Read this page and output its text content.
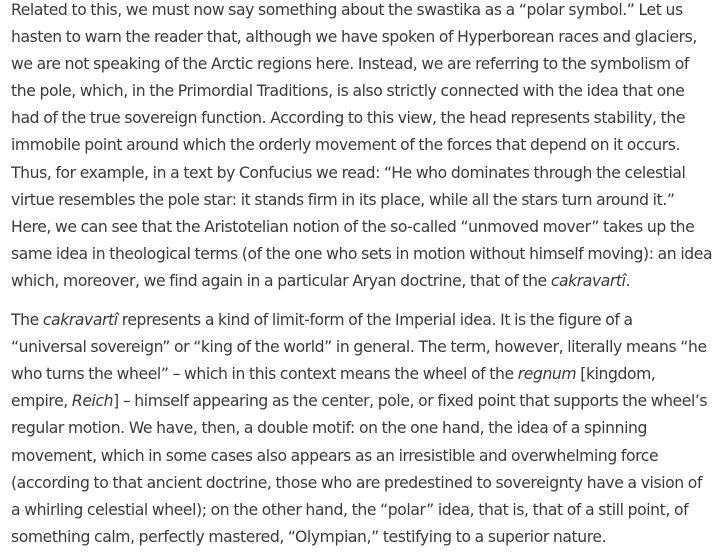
Related to this, we must now say something about the swastika as a “polar symbol.” Let us
hasten to warn the reader that, although we have spoken of Hyperborean races and glaciers,
we are not speaking of the Arctic regions here. Instead, we are referring to the symbolism of
the pole, which, in the Primordial Traditions, is also strictly connected with the idea that one
had of the true sovereign function. According to this view, the head represents stability, the
immobile point around which the orderly movement of the forces that depend on it occurs.
Thus, for example, in a text by Confucius we read: “He who dominates through the celestial
virtue resembles the pole star: it stands firm in its place, while all the stars turn around it.”
Here, we can see that the Aristotelian notion of the so-called “unmoved mover” takes up the
same idea in theological terms (of the one who sets in motion without himself moving): an idea
which, moreover, we find again in a particular Aryan doctrine, that of the cakravartî.
The cakravartî represents a kind of limit-form of the Imperial idea. It is the figure of a
“universal sovereign” or “king of the world” in general. The term, however, literally means “he
who turns the wheel” – which in this context means the wheel of the regnum [kingdom,
empire, Reich] – himself appearing as the center, pole, or fixed point that supports the wheel’s
regular motion. We have, then, a double motif: on the one hand, the idea of a spinning
movement, which in some cases also appears as an irresistible and overwhelming force
(according to that ancient doctrine, those who are predestined to sovereignty have a vision of
a whirling celestial wheel); on the other hand, the “polar” idea, that is, that of a still point, of
something calm, perfectly mastered, “Olympian,” testifying to a superior nature.
